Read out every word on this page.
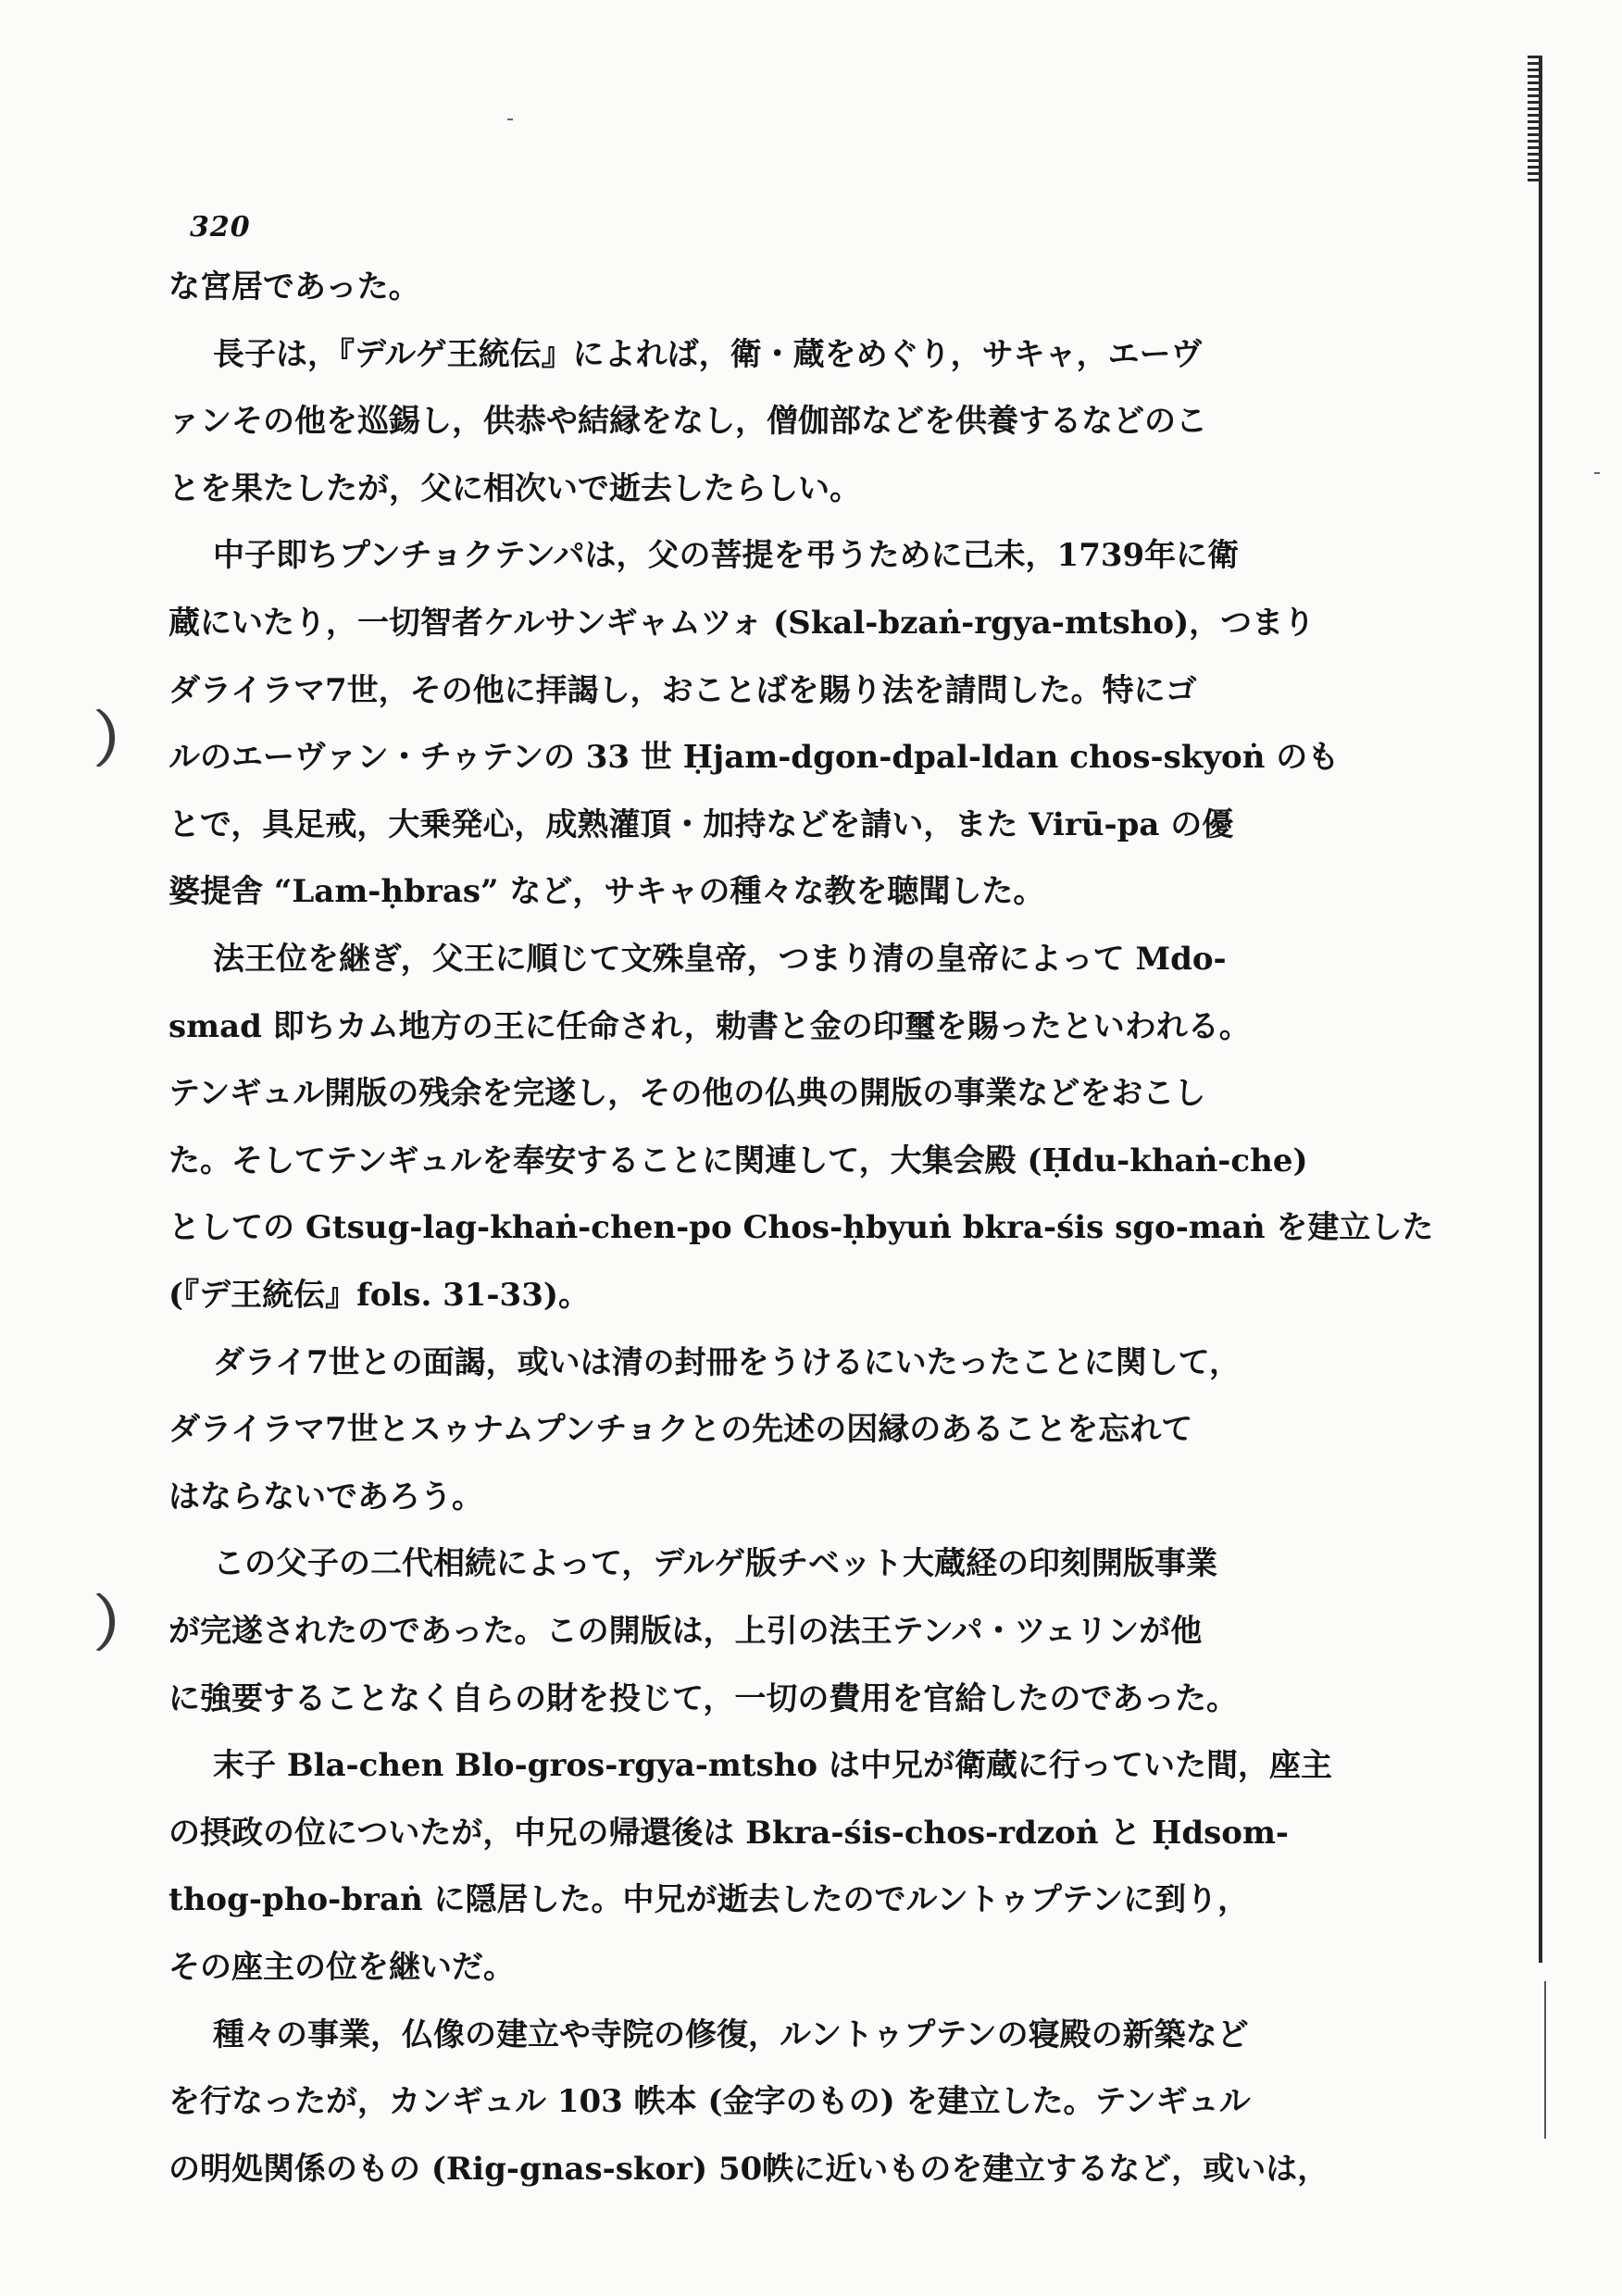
320
な宮居であった。
長子は，『デルゲ王統伝』によれば，衛・蔵をめぐり，サキャ，エーヴ
ァンその他を巡錫し，供恭や結縁をなし，僧伽部などを供養するなどのこ
とを果たしたが，父に相次いで逝去したらしい。
中子即ちプンチョクテンパは，父の菩提を弔うために己未，1739年に衛
蔵にいたり，一切智者ケルサンギャムツォ (Skal-bzaṅ-rgya-mtsho)，つまり
ダライラマ7世，その他に拝謁し，おことばを賜り法を請問した。特にゴ
ルのエーヴァン・チゥテンの 33 世 Ḥjam-dgon-dpal-ldan chos-skyoṅ のも
とで，具足戒，大乗発心，成熟灌頂・加持などを請い，また Virū-pa の優
婆提舎 “Lam-ḥbras” など，サキャの種々な教を聴聞した。
法王位を継ぎ，父王に順じて文殊皇帝，つまり清の皇帝によって Mdo-
smad 即ちカム地方の王に任命され，勅書と金の印璽を賜ったといわれる。
テンギュル開版の残余を完遂し，その他の仏典の開版の事業などをおこし
た。そしてテンギュルを奉安することに関連して，大集会殿 (Ḥdu-khaṅ-che)
としての Gtsug-lag-khaṅ-chen-po Chos-ḥbyuṅ bkra-śis sgo-maṅ を建立した
(『デ王統伝』fols. 31-33)。
ダライ7世との面謁，或いは清の封冊をうけるにいたったことに関して，
ダライラマ7世とスゥナムプンチョクとの先述の因縁のあることを忘れて
はならないであろう。
この父子の二代相続によって，デルゲ版チベット大蔵経の印刻開版事業
が完遂されたのであった。この開版は，上引の法王テンパ・ツェリンが他
に強要することなく自らの財を投じて，一切の費用を官給したのであった。
末子 Bla-chen Blo-gros-rgya-mtsho は中兄が衛蔵に行っていた間，座主
の摂政の位についたが，中兄の帰還後は Bkra-śis-chos-rdzoṅ と Ḥdsom-
thog-pho-braṅ に隠居した。中兄が逝去したのでルントゥプテンに到り，
その座主の位を継いだ。
種々の事業，仏像の建立や寺院の修復，ルントゥプテンの寝殿の新築など
を行なったが，カンギュル 103 帙本 (金字のもの) を建立した。テンギュル
の明処関係のもの (Rig-gnas-skor) 50帙に近いものを建立するなど，或いは，
